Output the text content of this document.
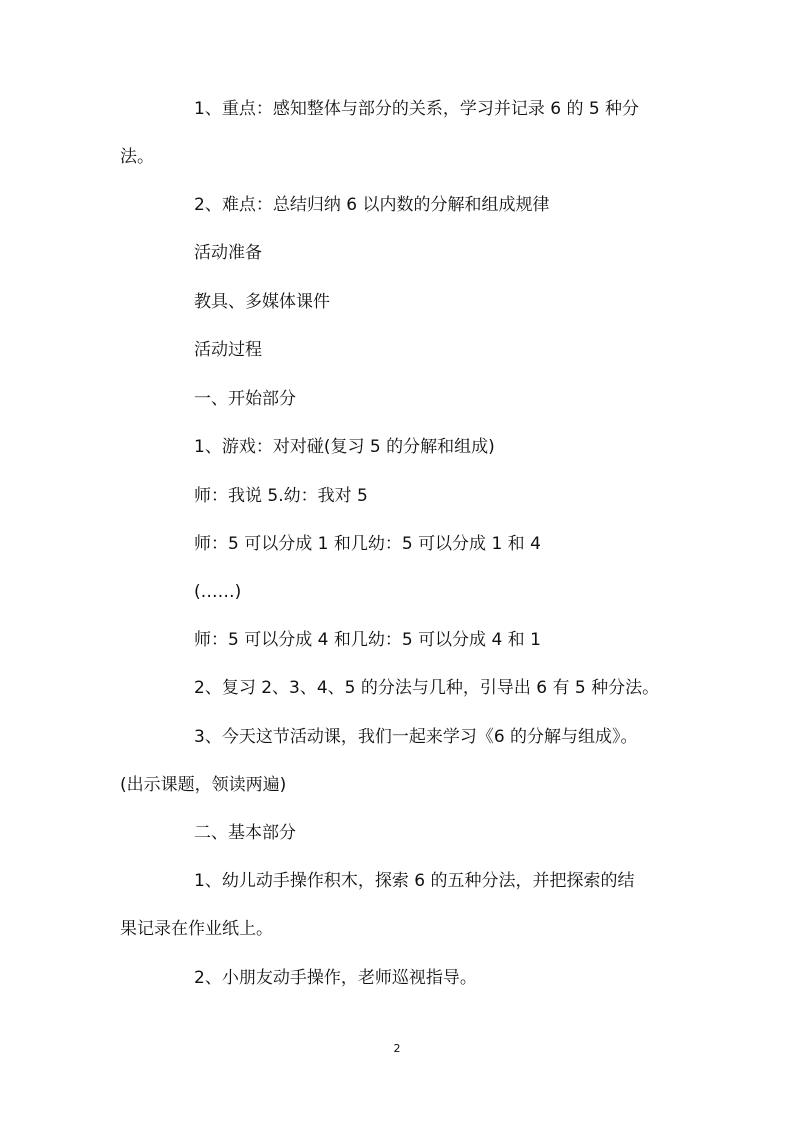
1、重点：感知整体与部分的关系，学习并记录 6 的 5 种分
法。
2、难点：总结归纳 6 以内数的分解和组成规律
活动准备
教具、多媒体课件
活动过程
一、开始部分
1、游戏：对对碰(复习 5 的分解和组成)
师：我说 5.幼：我对 5
师：5 可以分成 1 和几幼：5 可以分成 1 和 4
(……)
师：5 可以分成 4 和几幼：5 可以分成 4 和 1
2、复习 2、3、4、5 的分法与几种，引导出 6 有 5 种分法。
3、今天这节活动课，我们一起来学习《6 的分解与组成》。
(出示课题，领读两遍)
二、基本部分
1、幼儿动手操作积木，探索 6 的五种分法，并把探索的结
果记录在作业纸上。
2、小朋友动手操作，老师巡视指导。
2
